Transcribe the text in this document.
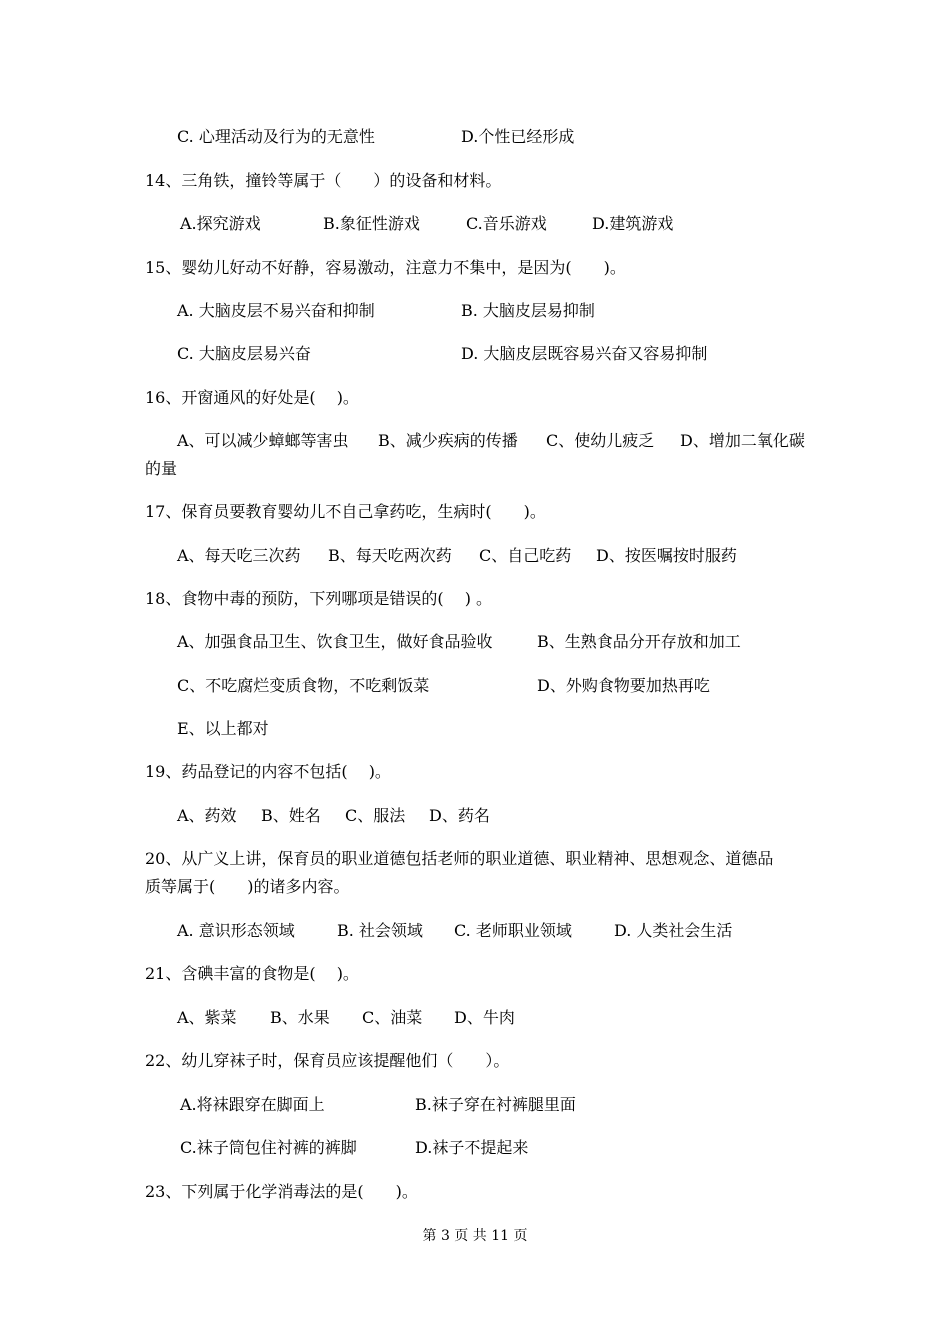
C. 心理活动及行为的无意性	D.个性已经形成
14、三角铁，撞铃等属于（　　）的设备和材料。
A.探究游戏	B.象征性游戏	C.音乐游戏	D.建筑游戏
15、婴幼儿好动不好静，容易激动，注意力不集中，是因为(　　)。
A. 大脑皮层不易兴奋和抑制	B. 大脑皮层易抑制
C. 大脑皮层易兴奋	D. 大脑皮层既容易兴奋又容易抑制
16、开窗通风的好处是(　 )。
A、可以减少蟑螂等害虫 B、减少疾病的传播 C、使幼儿疲乏 D、增加二氧化碳
的量
17、保育员要教育婴幼儿不自己拿药吃，生病时(　　)。
A、每天吃三次药 B、每天吃两次药 C、自己吃药 D、按医嘱按时服药
18、食物中毒的预防，下列哪项是错误的(　 ) 。
A、加强食品卫生、饮食卫生，做好食品验收	B、生熟食品分开存放和加工
C、不吃腐烂变质食物，不吃剩饭菜	D、外购食物要加热再吃
E、以上都对
19、药品登记的内容不包括(　 )。
A、药效 B、姓名 C、服法 D、药名
20、从广义上讲，保育员的职业道德包括老师的职业道德、职业精神、思想观念、道德品
质等属于(　　)的诸多内容。
A. 意识形态领域	B. 社会领域 C. 老师职业领域	D. 人类社会生活
21、含碘丰富的食物是(　 )。
A、紫菜 B、水果 C、油菜 D、牛肉
22、幼儿穿袜子时，保育员应该提醒他们（　　）。
A.将袜跟穿在脚面上	B.袜子穿在衬裤腿里面
C.袜子筒包住衬裤的裤脚	D.袜子不提起来
23、下列属于化学消毒法的是(　　)。
第 3 页 共 11 页
